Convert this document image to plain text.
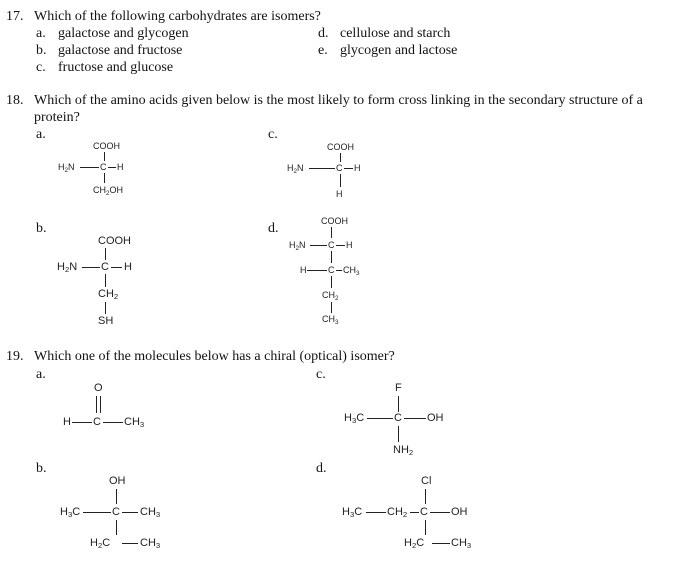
17. Which of the following carbohydrates are isomers?
a. galactose and glycogen
b. galactose and fructose
c. fructose and glucose
d. cellulose and starch
e. glycogen and lactose
18. Which of the amino acids given below is the most likely to form cross linking in the secondary structure of a
protein?
a.	c.
b.	d.
COOH
$H_2N$	C H
$CH_2OH$
COOH
$H_2N$	C H
H
COOH
$H_2N$ C H
$CH_2$
SH
COOH
$H_2N$ C H
H C $CH_3$
$CH_2$
$CH_3$
19. Which one of the molecules below has a chiral (optical) isomer?
a.	c.
b.	d.
O
H C $CH_3$
F
$H_3C$	C OH
$NH_2$
OH
$H_3C$	C $CH_3$
$H_2C$	$CH_3$
Cl
$H_3C$ $CH_2$ C OH
$H_2C$ $CH_3$
